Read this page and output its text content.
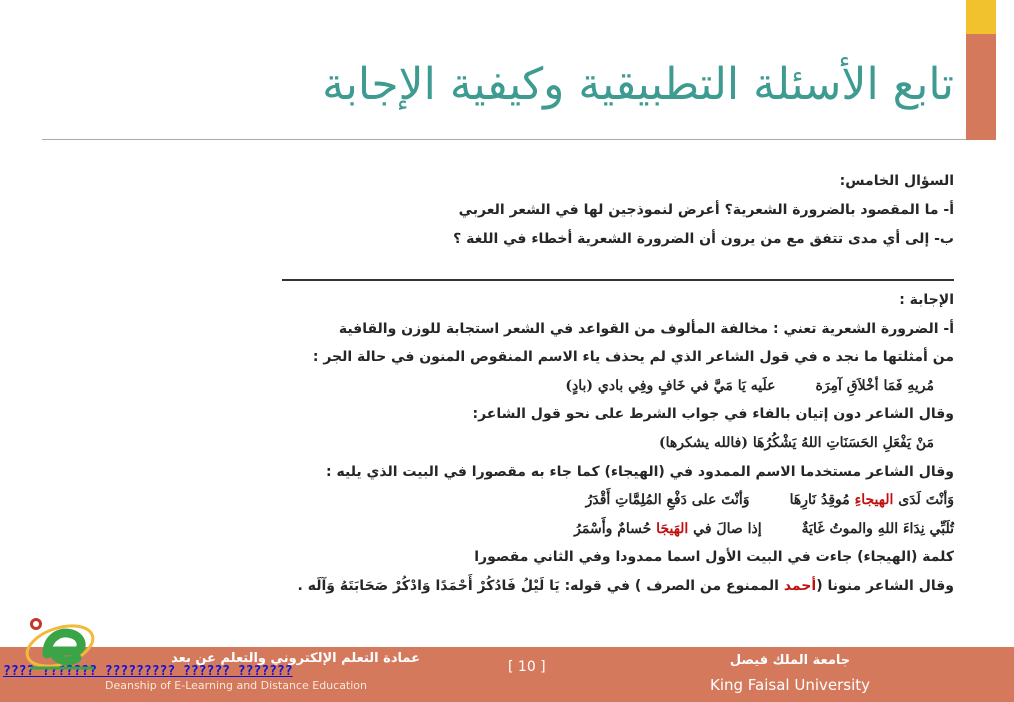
تابع الأسئلة التطبيقية وكيفية الإجابة
السؤال الخامس:
أ- ما المقصود بالضرورة الشعرية؟ أعرض لنموذجين لها في الشعر العربي
ب- إلى أي مدى تتفق مع من يرون أن الضرورة الشعرية أخطاء في اللغة ؟
الإجابة :
أ- الضرورة الشعرية تعني : مخالفة المألوف من القواعد في الشعر استجابة للوزن والقافية
من أمثلتها ما نجد ه في قول الشاعر الذي لم يحذف ياء الاسم المنقوص المنون في حالة الجر :
مُريهِ فَمَا أخْلاَقِ آمِرَةعلَيه يَا مَيَّ في خَافٍ وفِي بادي (بادٍ)
وقال الشاعر دون إتيان بالفاء في جواب الشرط على نحو قول الشاعر:
مَنْ يَفْعَلِ الحَسَنَاتِ اللهُ يَشْكُرُهَا (فالله يشكرها)
وقال الشاعر مستخدما الاسم الممدود في (الهيجاء) كما جاء به مقصورا في البيت الذي يليه :
وَأنْتَ لَدَى الهيجاءِ مُوقِدُ نَارِهَاوَأنْتَ على دَفْعِ المُلِمَّاتِ أَقْدَرُ
تُلَبِّي نِدَاءَ اللهِ والموتُ غَايَةٌإذا صالَ في الهَيجَا حُسامٌ وأَسْمَرُ
كلمة (الهيجاء) جاءت في البيت الأول اسما ممدودا وفي الثاني مقصورا
وقال الشاعر منونا (أحمد الممنوع من الصرف ) في قوله: يَا لَيْلُ فَادُكُرْ أَحْمَدًا وَادْكُرْ صَحَابَتَهُ وَآلَه .
عمادة التعلم الإلكتروني والتعلم عن بعد
Deanship of E-Learning and Distance Education
???? ??????? ????????? ?????? ???????	[ 10 ]	جامعة الملك فيصل
King Faisal University
